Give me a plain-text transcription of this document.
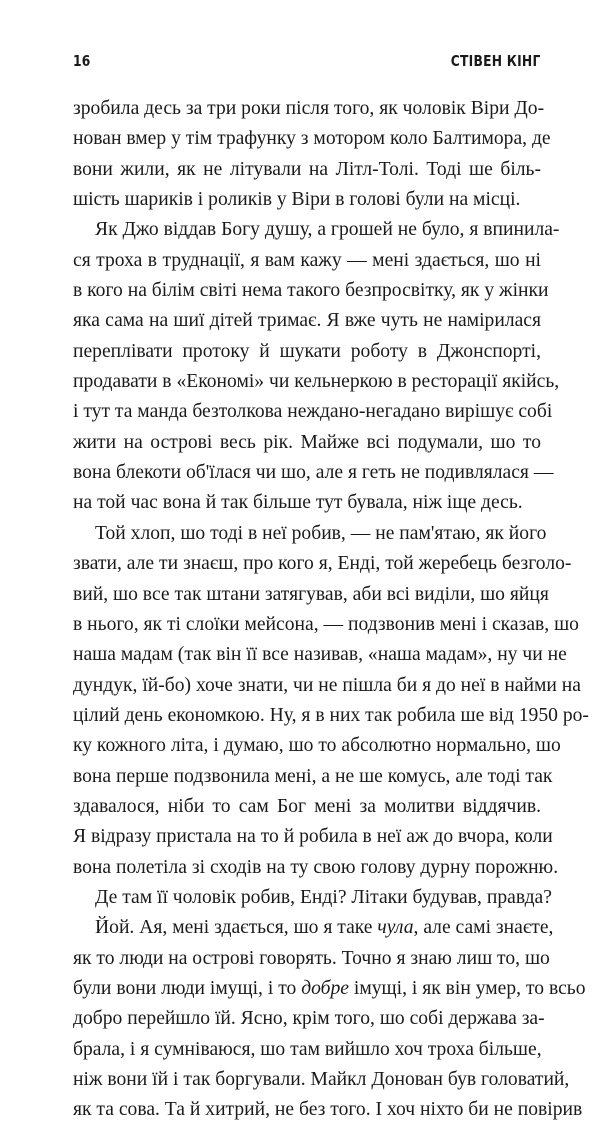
16	СТІВЕН КІНГ
зробила десь за три роки після того, як чоловік Віри До-
нован вмер у тім трафунку з мотором коло Балтимора, де
вони жили, як не літували на Літл-Толі. Тоді ше біль-
шість шариків і роликів у Віри в голові були на місці.
Як Джо віддав Богу душу, а грошей не було, я впинила-
ся троха в труднації, я вам кажу — мені здається, шо ні
в кого на білім світі нема такого безпросвітку, як у жінки
яка сама на шиї дітей тримає. Я вже чуть не намірилася
переплівати протоку й шукати роботу в Джонспорті,
продавати в «Економі» чи кельнеркою в ресторації якійсь,
і тут та манда безтолкова неждано-негадано вирішує собі
жити на острові весь рік. Майже всі подумали, шо то
вона блекоти об'їлася чи шо, але я геть не подивлялася —
на той час вона й так більше тут бувала, ніж іще десь.
Той хлоп, шо тоді в неї робив, — не пам'ятаю, як його
звати, але ти знаєш, про кого я, Енді, той жеребець безголо-
вий, шо все так штани затягував, аби всі виділи, шо яйця
в нього, як ті слоїки мейсона, — подзвонив мені і сказав, шо
наша мадам (так він її все називав, «наша мадам», ну чи не
дундук, їй-бо) хоче знати, чи не пішла би я до неї в найми на
цілий день економкою. Ну, я в них так робила ше від 1950 ро-
ку кожного літа, і думаю, шо то абсолютно нормально, шо
вона перше подзвонила мені, а не ше комусь, але тоді так
здавалося, ніби то сам Бог мені за молитви віддячив.
Я відразу пристала на то й робила в неї аж до вчора, коли
вона полетіла зі сходів на ту свою голову дурну порожню.
Де там її чоловік робив, Енді? Літаки будував, правда?
Йой. Ая, мені здається, шо я таке чула, але самі знаєте,
як то люди на острові говорять. Точно я знаю лиш то, шо
були вони люди імущі, і то добре імущі, і як він умер, то всьо
добро перейшло їй. Ясно, крім того, шо собі держава за-
брала, і я сумніваюся, шо там вийшло хоч троха більше,
ніж вони їй і так боргували. Майкл Донован був головатий,
як та сова. Та й хитрий, не без того. І хоч ніхто би не повірив
